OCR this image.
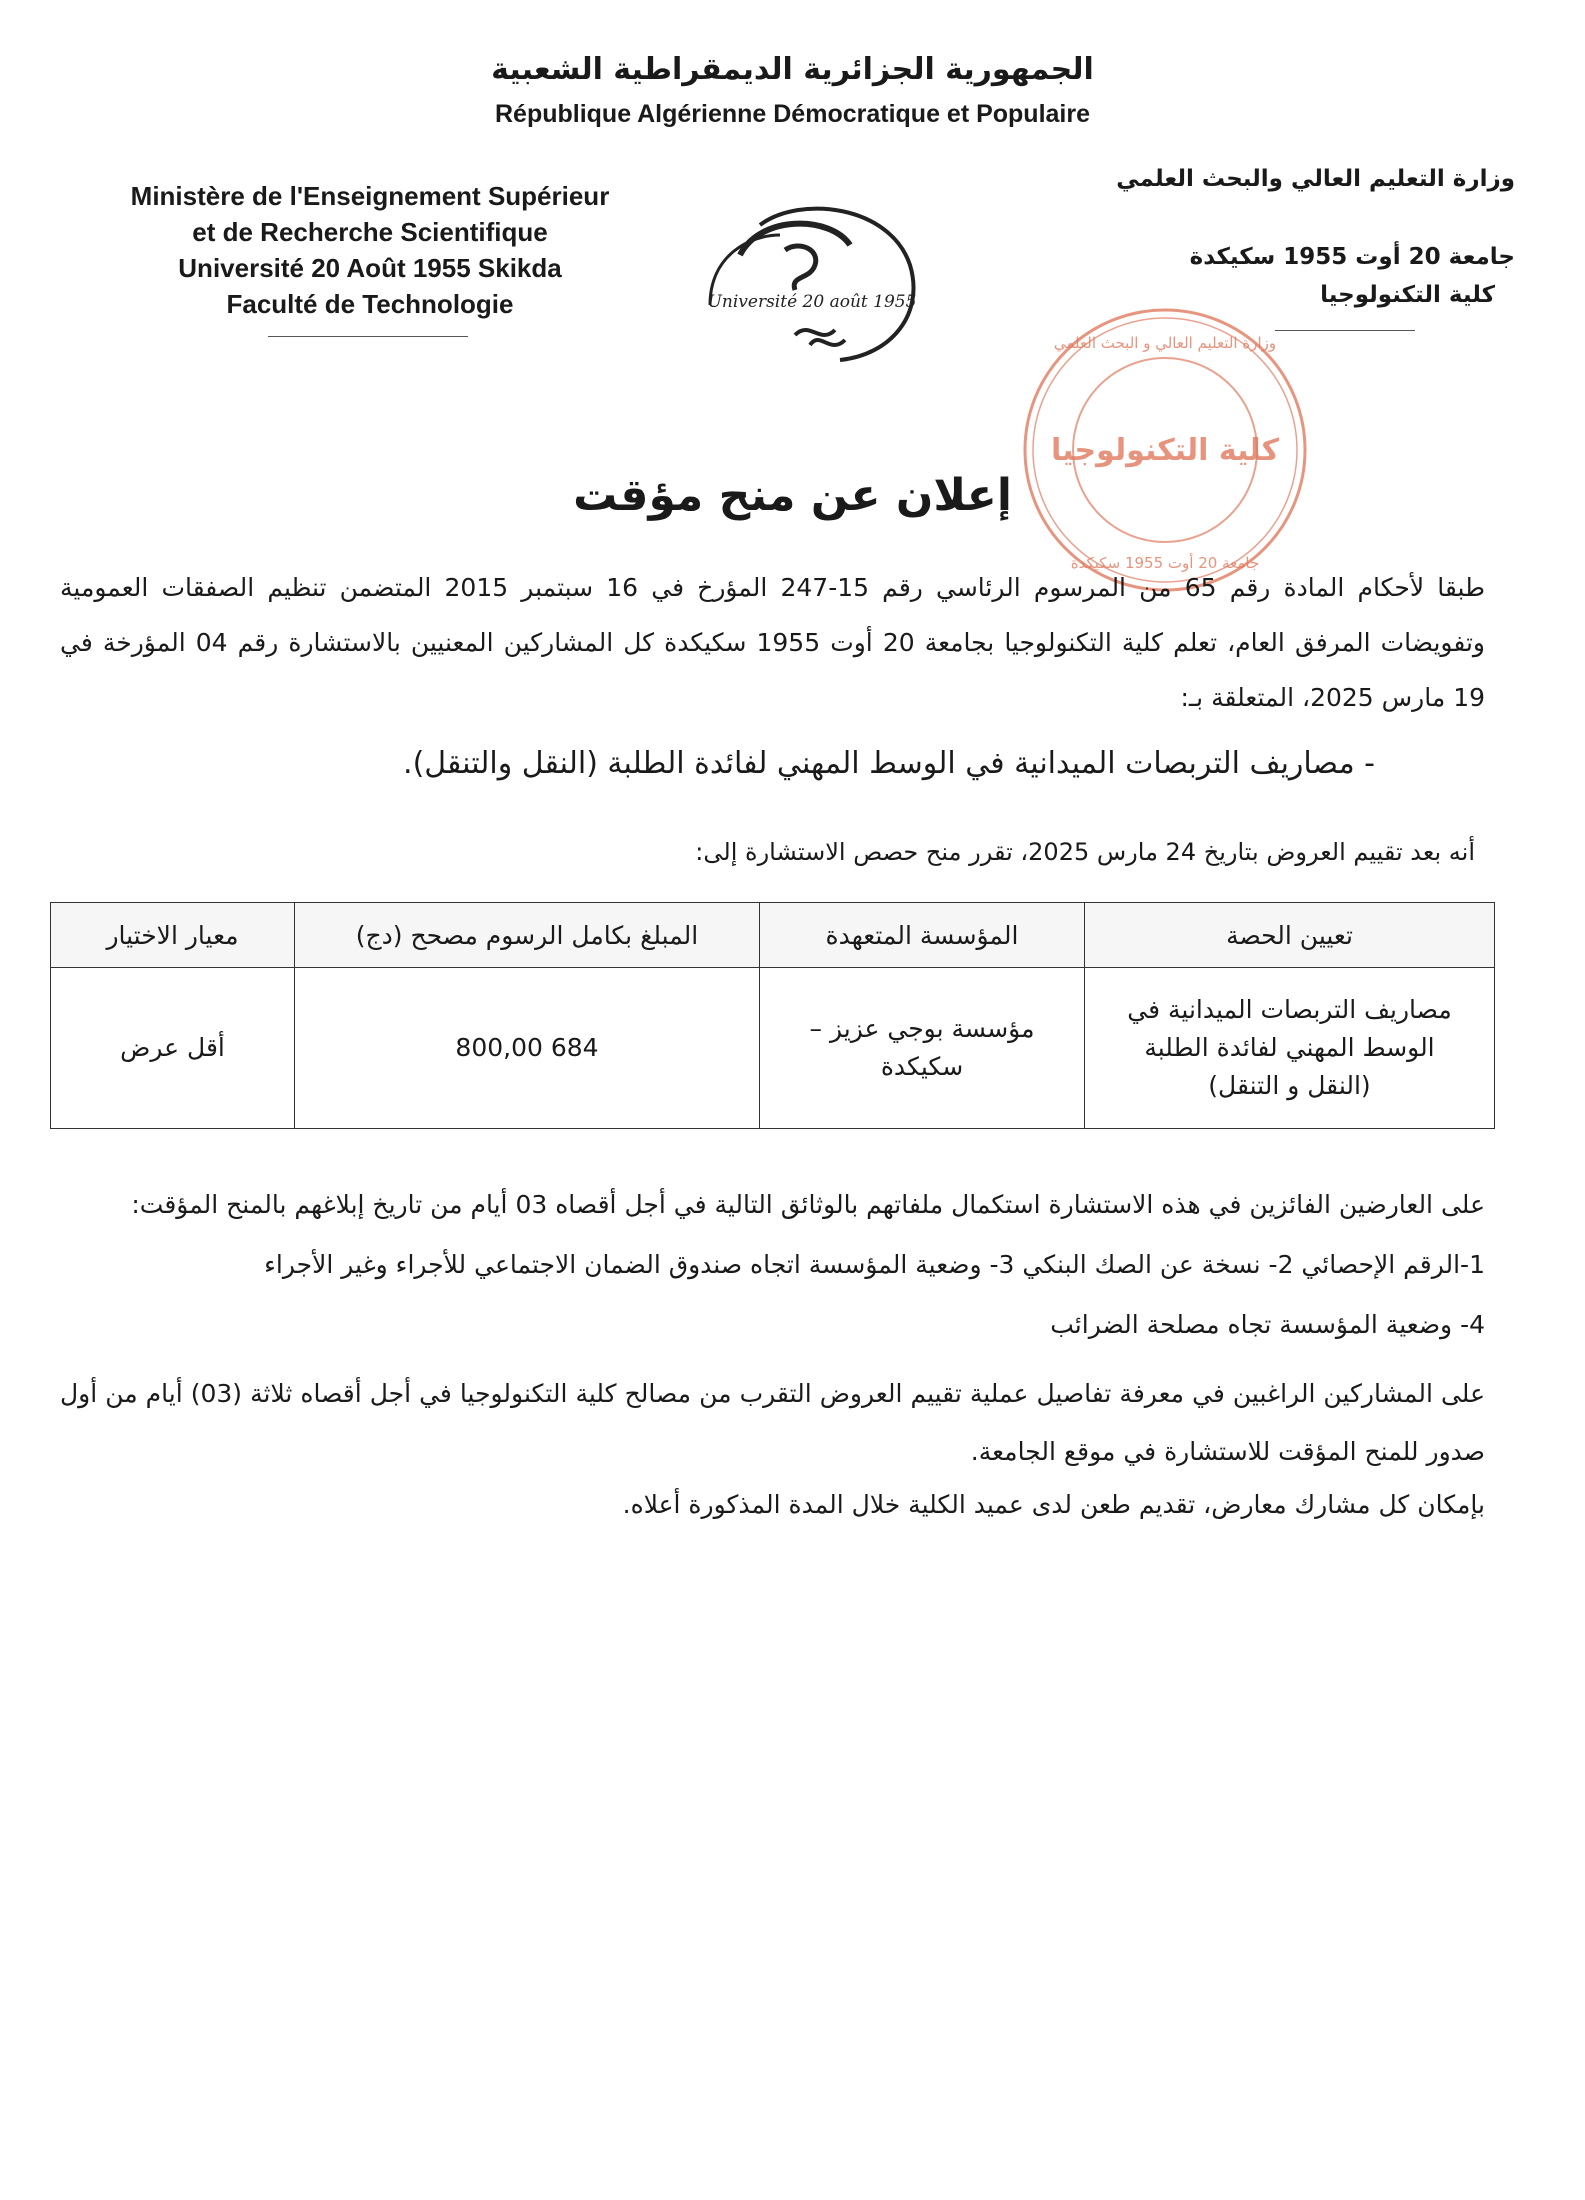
الجمهورية الجزائرية الديمقراطية الشعبية
République Algérienne Démocratique et Populaire
Ministère de l'Enseignement Supérieur
et de Recherche Scientifique
Université 20 Août 1955 Skikda
Faculté de Technologie
وزارة التعليم العالي والبحث العلمي
جامعة 20 أوت 1955 سكيكدة
كلية التكنولوجيا
Université 20 août 1955
وزارة التعليم العالي و البحث العلمي
كلية التكنولوجيا
جامعة 20 أوت 1955 سكيكدة
إعلان عن منح مؤقت
طبقا لأحكام المادة رقم 65 من المرسوم الرئاسي رقم 15-247 المؤرخ في 16 سبتمبر 2015 المتضمن تنظيم الصفقات العمومية وتفويضات المرفق العام، تعلم كلية التكنولوجيا بجامعة 20 أوت 1955 سكيكدة كل المشاركين المعنيين بالاستشارة رقم 04 المؤرخة في 19 مارس 2025، المتعلقة بـ:
- مصاريف التربصات الميدانية في الوسط المهني لفائدة الطلبة (النقل والتنقل).
أنه بعد تقييم العروض بتاريخ 24 مارس 2025، تقرر منح حصص الاستشارة إلى:
تعيين الحصة	المؤسسة المتعهدة	المبلغ بكامل الرسوم مصحح (دج)	معيار الاختيار
مصاريف التربصات الميدانية في الوسط المهني لفائدة الطلبة (النقل و التنقل)	مؤسسة بوجي عزيز – سكيكدة	684 800,00	أقل عرض
على العارضين الفائزين في هذه الاستشارة استكمال ملفاتهم بالوثائق التالية في أجل أقصاه 03 أيام من تاريخ إبلاغهم بالمنح المؤقت:
1-الرقم الإحصائي 2- نسخة عن الصك البنكي 3- وضعية المؤسسة اتجاه صندوق الضمان الاجتماعي للأجراء وغير الأجراء
4- وضعية المؤسسة تجاه مصلحة الضرائب
على المشاركين الراغبين في معرفة تفاصيل عملية تقييم العروض التقرب من مصالح كلية التكنولوجيا في أجل أقصاه ثلاثة (03) أيام من أول صدور للمنح المؤقت للاستشارة في موقع الجامعة.
بإمكان كل مشارك معارض، تقديم طعن لدى عميد الكلية خلال المدة المذكورة أعلاه.
